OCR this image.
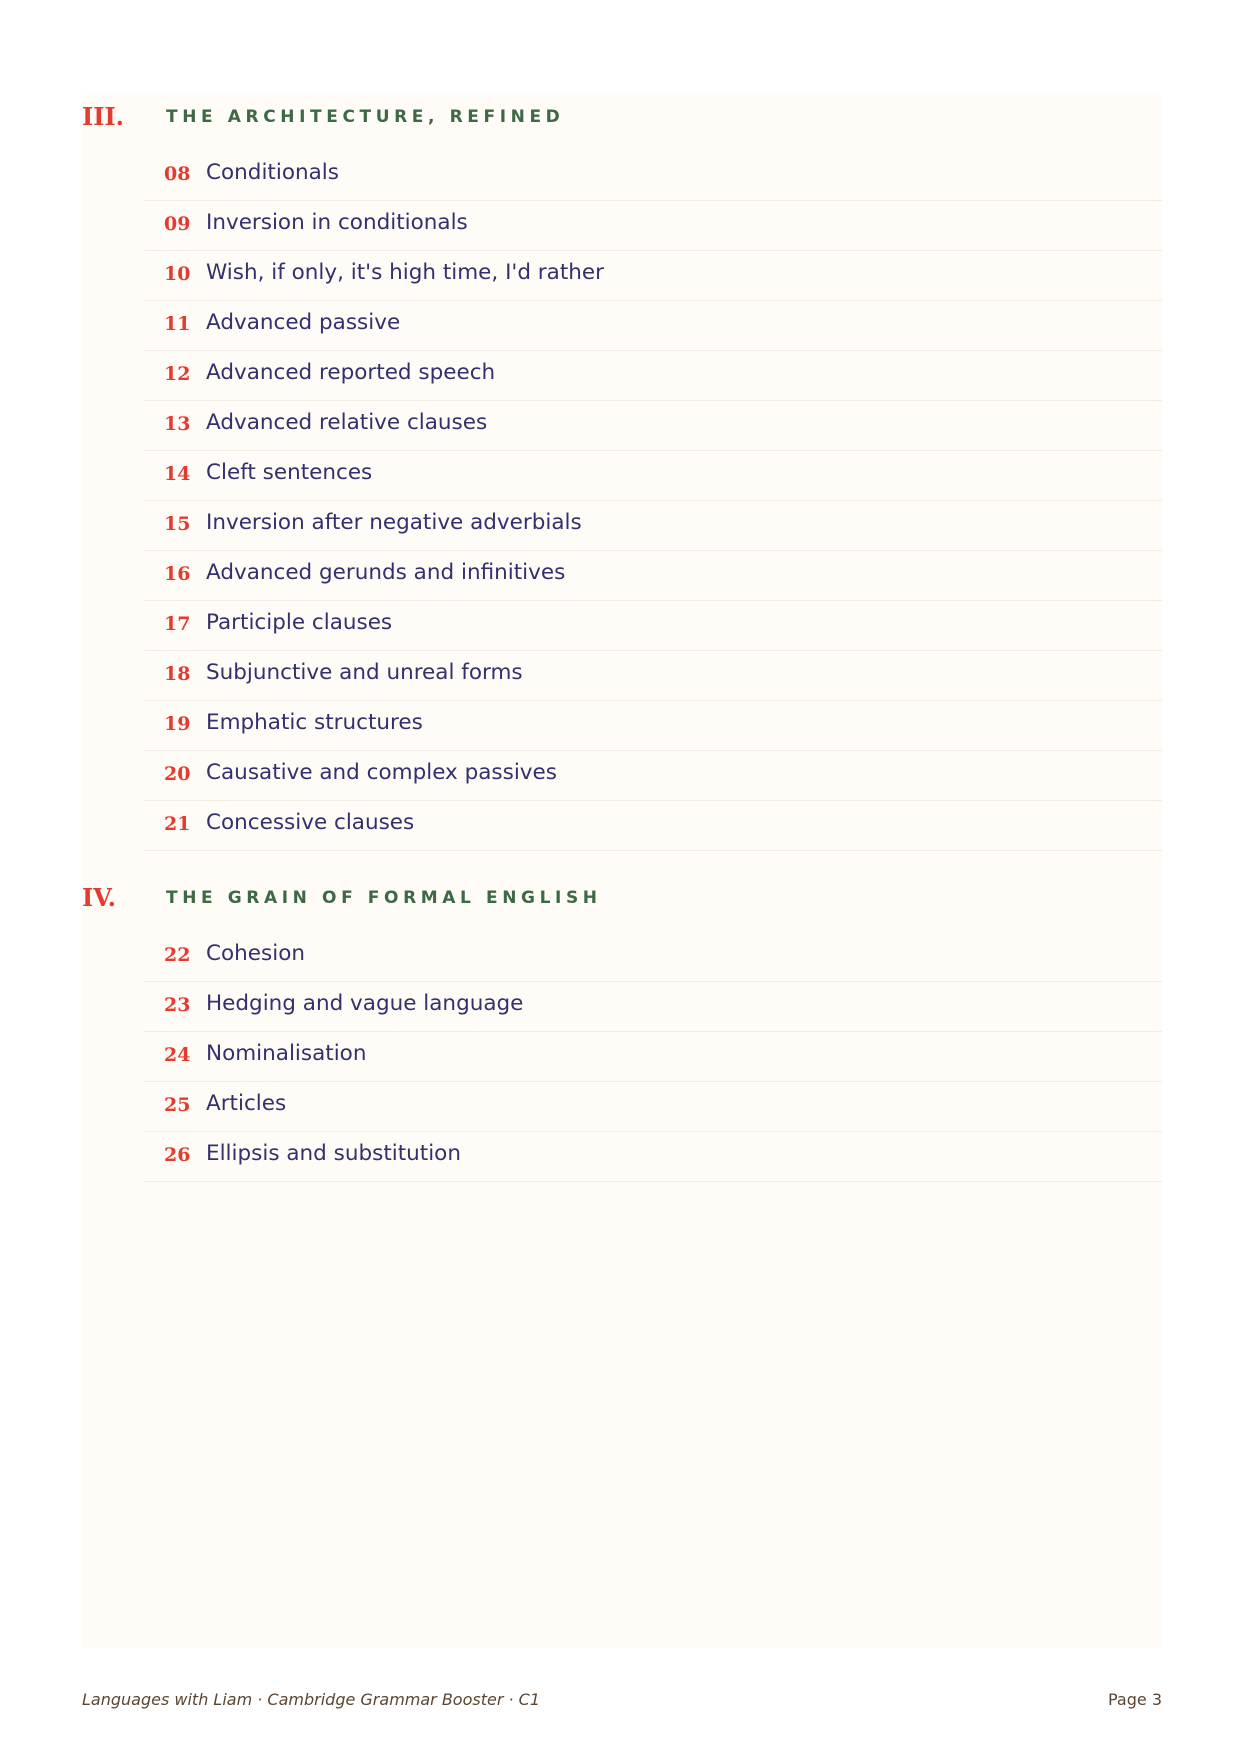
III. THE ARCHITECTURE, REFINED
08 Conditionals
09 Inversion in conditionals
10 Wish, if only, it's high time, I'd rather
11 Advanced passive
12 Advanced reported speech
13 Advanced relative clauses
14 Cleft sentences
15 Inversion after negative adverbials
16 Advanced gerunds and infinitives
17 Participle clauses
18 Subjunctive and unreal forms
19 Emphatic structures
20 Causative and complex passives
21 Concessive clauses
IV.	THE GRAIN OF FORMAL ENGLISH
22 Cohesion
23 Hedging and vague language
24 Nominalisation
25 Articles
26 Ellipsis and substitution
Languages with Liam · Cambridge Grammar Booster · C1	Page 3
